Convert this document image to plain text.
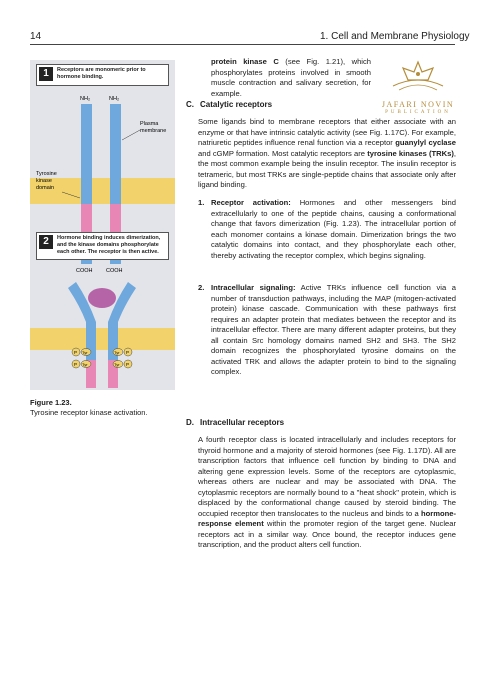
14	1. Cell and Membrane Physiology
JAFARI NOVIN
PUBLICATION
NH₂	NH₂
Plasma
membrane
Tyrosine
kinase
domain
COOH COOH
P Tyr
P Tyr
Tyr P
Tyr P
1	Receptors are monomeric prior to hormone binding.
2	Hormone binding induces dimerization, and the kinase domains phosphorylate each other. The receptor is then active.
Figure 1.23.
Tyrosine receptor kinase activation.

protein kinase C (see Fig. 1.21), which phosphorylates proteins involved in smooth muscle contraction and salivary secretion, for example.

C. Catalytic receptors

Some ligands bind to membrane receptors that either associate with an enzyme or that have intrinsic catalytic activity (see Fig. 1.17C). For example, natriuretic peptides influence renal function via a receptor guanylyl cyclase and cGMP formation. Most catalytic receptors are tyrosine kinases (TRKs), the most common example being the insulin receptor. The insulin receptor is tetrameric, but most TRKs are single-peptide chains that associate only after ligand binding.

1. Receptor activation: Hormones and other messengers bind extracellularly to one of the peptide chains, causing a conformational change that favors dimerization (Fig. 1.23). The intracellular portion of each monomer contains a kinase domain. Dimerization brings the two catalytic domains into contact, and they phosphorylate each other, thereby activating the receptor complex, which begins signaling.

2. Intracellular signaling: Active TRKs influence cell function via a number of transduction pathways, including the MAP (mitogen-activated protein) kinase cascade. Communication with these pathways first requires an adapter protein that mediates between the receptor and its intracellular effector. There are many different adapter proteins, but they all contain Src homology domains named SH2 and SH3. The SH2 domain recognizes the phosphorylated tyrosine domains on the activated TRK and allows the adapter protein to bind to the signaling complex.

D. Intracellular receptors

A fourth receptor class is located intracellularly and includes receptors for thyroid hormone and a majority of steroid hormones (see Fig. 1.17D). All are transcription factors that influence cell function by binding to DNA and altering gene expression levels. Some of the receptors are cytoplasmic, whereas others are nuclear and may be associated with DNA. The cytoplasmic receptors are normally bound to a "heat shock" protein, which is displaced by the conformational change caused by steroid binding. The occupied receptor then translocates to the nucleus and binds to a hormone-response element within the promoter region of the target gene. Nuclear receptors act in a similar way. Once bound, the receptor induces gene transcription, and the product alters cell function.
